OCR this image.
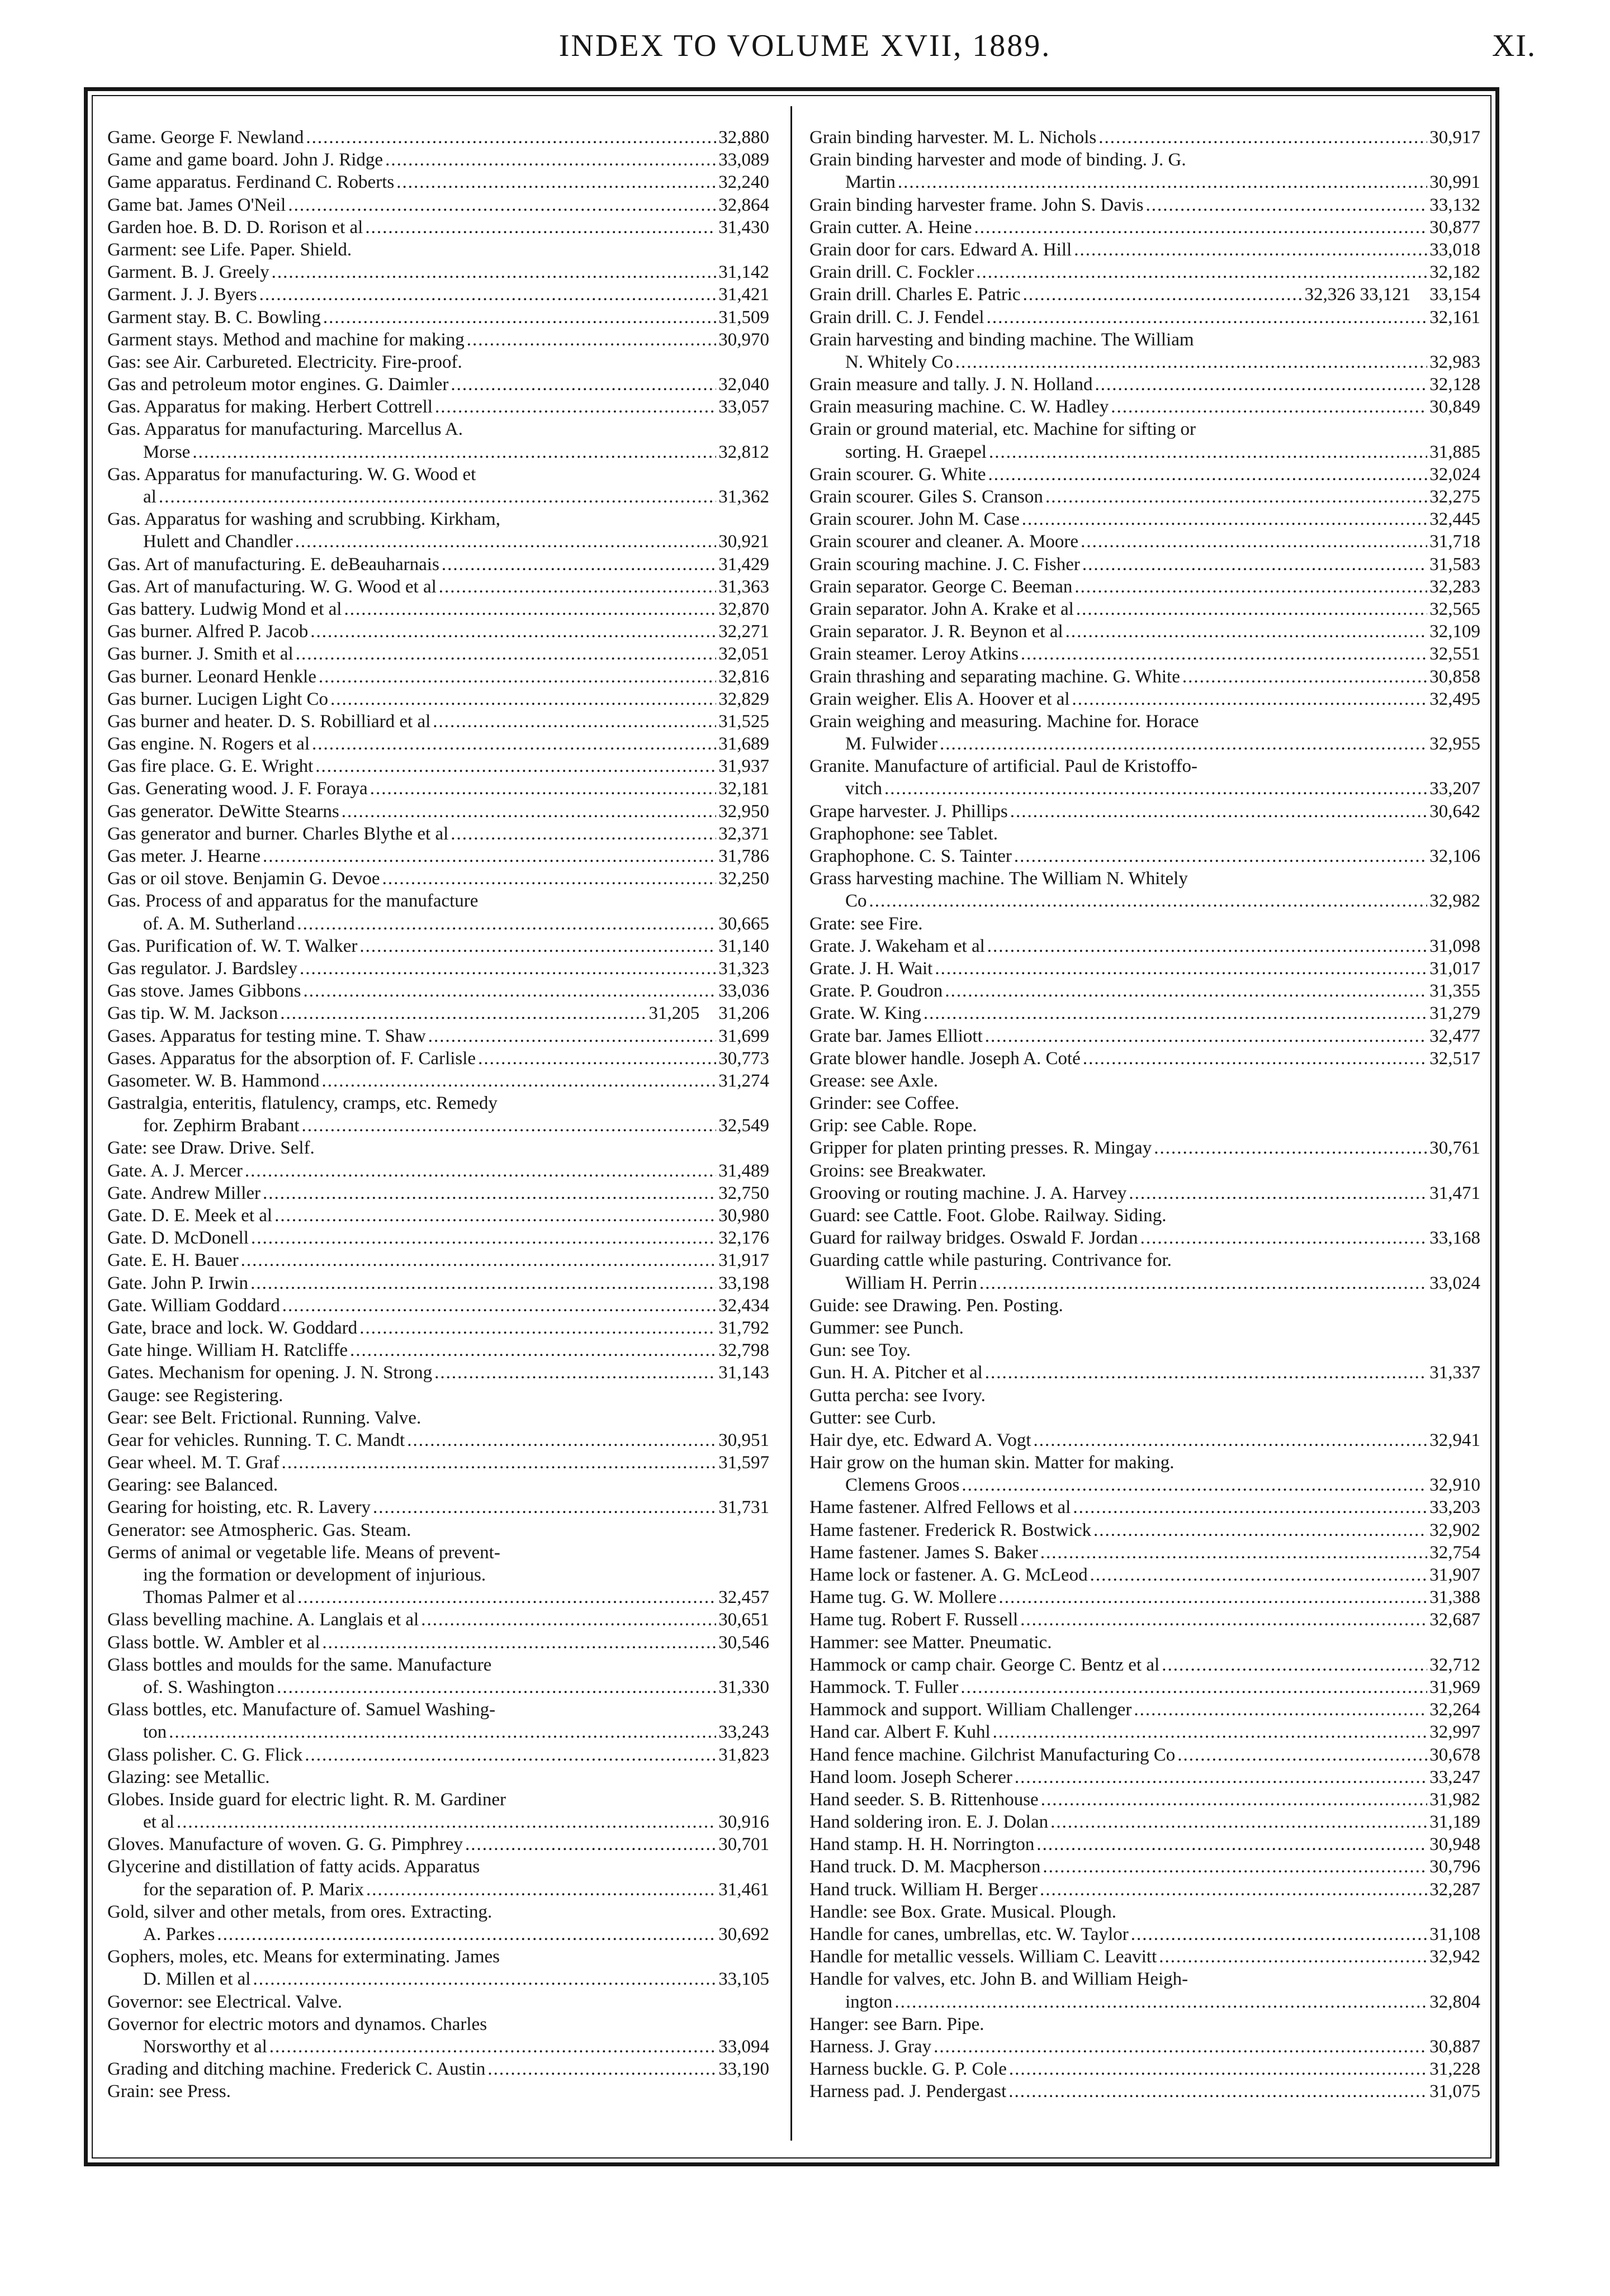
INDEX TO VOLUME XVII, 1889.	XI.
Game. George F. Newland .....	32,880
Game and game board. John J. Ridge .....	33,089
Game apparatus. Ferdinand C. Roberts .....	32,240
Game bat. James O'Neil .....	32,864
Garden hoe. B. D. D. Rorison et al .....	31,430
Garment: see Life. Paper. Shield.
Garment. B. J. Greely .....	31,142
Garment. J. J. Byers .....	31,421
Garment stay. B. C. Bowling .....	31,509
Garment stays. Method and machine for making .....	30,970
Gas: see Air. Carbureted. Electricity. Fire-proof.
Gas and petroleum motor engines. G. Daimler .....	32,040
Gas. Apparatus for making. Herbert Cottrell .....	33,057
Gas. Apparatus for manufacturing. Marcellus A.
Morse .....	32,812
Gas. Apparatus for manufacturing. W. G. Wood et
al .....	31,362
Gas. Apparatus for washing and scrubbing. Kirkham,
Hulett and Chandler .....	30,921
Gas. Art of manufacturing. E. deBeauharnais .....	31,429
Gas. Art of manufacturing. W. G. Wood et al .....	31,363
Gas battery. Ludwig Mond et al .....	32,870
Gas burner. Alfred P. Jacob .....	32,271
Gas burner. J. Smith et al .....	32,051
Gas burner. Leonard Henkle .....	32,816
Gas burner. Lucigen Light Co .....	32,829
Gas burner and heater. D. S. Robilliard et al .....	31,525
Gas engine. N. Rogers et al .....	31,689
Gas fire place. G. E. Wright .....	31,937
Gas. Generating wood. J. F. Foraya .....	32,181
Gas generator. DeWitte Stearns .....	32,950
Gas generator and burner. Charles Blythe et al .....	32,371
Gas meter. J. Hearne .....	31,786
Gas or oil stove. Benjamin G. Devoe .....	32,250
Gas. Process of and apparatus for the manufacture
of. A. M. Sutherland .....	30,665
Gas. Purification of. W. T. Walker .....	31,140
Gas regulator. J. Bardsley .....	31,323
Gas stove. James Gibbons .....	33,036
Gas tip. W. M. Jackson .....	31,205 31,206
Gases. Apparatus for testing mine. T. Shaw .....	31,699
Gases. Apparatus for the absorption of. F. Carlisle .....	30,773
Gasometer. W. B. Hammond .....	31,274
Gastralgia, enteritis, flatulency, cramps, etc. Remedy
for. Zephirm Brabant .....	32,549
Gate: see Draw. Drive. Self.
Gate. A. J. Mercer .....	31,489
Gate. Andrew Miller .....	32,750
Gate. D. E. Meek et al .....	30,980
Gate. D. McDonell .....	32,176
Gate. E. H. Bauer .....	31,917
Gate. John P. Irwin .....	33,198
Gate. William Goddard .....	32,434
Gate, brace and lock. W. Goddard .....	31,792
Gate hinge. William H. Ratcliffe .....	32,798
Gates. Mechanism for opening. J. N. Strong .....	31,143
Gauge: see Registering.
Gear: see Belt. Frictional. Running. Valve.
Gear for vehicles. Running. T. C. Mandt .....	30,951
Gear wheel. M. T. Graf .....	31,597
Gearing: see Balanced.
Gearing for hoisting, etc. R. Lavery .....	31,731
Generator: see Atmospheric. Gas. Steam.
Germs of animal or vegetable life. Means of prevent-
ing the formation or development of injurious.
Thomas Palmer et al .....	32,457
Glass bevelling machine. A. Langlais et al .....	30,651
Glass bottle. W. Ambler et al .....	30,546
Glass bottles and moulds for the same. Manufacture
of. S. Washington .....	31,330
Glass bottles, etc. Manufacture of. Samuel Washing-
ton .....	33,243
Glass polisher. C. G. Flick .....	31,823
Glazing: see Metallic.
Globes. Inside guard for electric light. R. M. Gardiner
et al .....	30,916
Gloves. Manufacture of woven. G. G. Pimphrey .....	30,701
Glycerine and distillation of fatty acids. Apparatus
for the separation of. P. Marix .....	31,461
Gold, silver and other metals, from ores. Extracting.
A. Parkes .....	30,692
Gophers, moles, etc. Means for exterminating. James
D. Millen et al .....	33,105
Governor: see Electrical. Valve.
Governor for electric motors and dynamos. Charles
Norsworthy et al .....	33,094
Grading and ditching machine. Frederick C. Austin .....	33,190
Grain: see Press.
Grain binding harvester. M. L. Nichols .....	30,917
Grain binding harvester and mode of binding. J. G.
Martin .....	30,991
Grain binding harvester frame. John S. Davis .....	33,132
Grain cutter. A. Heine .....	30,877
Grain door for cars. Edward A. Hill .....	33,018
Grain drill. C. Fockler .....	32,182
Grain drill. Charles E. Patric .....	32,326 33,121 33,154
Grain drill. C. J. Fendel .....	32,161
Grain harvesting and binding machine. The William
N. Whitely Co .....	32,983
Grain measure and tally. J. N. Holland .....	32,128
Grain measuring machine. C. W. Hadley .....	30,849
Grain or ground material, etc. Machine for sifting or
sorting. H. Graepel .....	31,885
Grain scourer. G. White .....	32,024
Grain scourer. Giles S. Cranson .....	32,275
Grain scourer. John M. Case .....	32,445
Grain scourer and cleaner. A. Moore .....	31,718
Grain scouring machine. J. C. Fisher .....	31,583
Grain separator. George C. Beeman .....	32,283
Grain separator. John A. Krake et al .....	32,565
Grain separator. J. R. Beynon et al .....	32,109
Grain steamer. Leroy Atkins .....	32,551
Grain thrashing and separating machine. G. White .....	30,858
Grain weigher. Elis A. Hoover et al .....	32,495
Grain weighing and measuring. Machine for. Horace
M. Fulwider .....	32,955
Granite. Manufacture of artificial. Paul de Kristoffo-
vitch .....	33,207
Grape harvester. J. Phillips .....	30,642
Graphophone: see Tablet.
Graphophone. C. S. Tainter .....	32,106
Grass harvesting machine. The William N. Whitely
Co .....	32,982
Grate: see Fire.
Grate. J. Wakeham et al .....	31,098
Grate. J. H. Wait .....	31,017
Grate. P. Goudron .....	31,355
Grate. W. King .....	31,279
Grate bar. James Elliott .....	32,477
Grate blower handle. Joseph A. Coté .....	32,517
Grease: see Axle.
Grinder: see Coffee.
Grip: see Cable. Rope.
Gripper for platen printing presses. R. Mingay .....	30,761
Groins: see Breakwater.
Grooving or routing machine. J. A. Harvey .....	31,471
Guard: see Cattle. Foot. Globe. Railway. Siding.
Guard for railway bridges. Oswald F. Jordan .....	33,168
Guarding cattle while pasturing. Contrivance for.
William H. Perrin .....	33,024
Guide: see Drawing. Pen. Posting.
Gummer: see Punch.
Gun: see Toy.
Gun. H. A. Pitcher et al .....	31,337
Gutta percha: see Ivory.
Gutter: see Curb.
Hair dye, etc. Edward A. Vogt .....	32,941
Hair grow on the human skin. Matter for making.
Clemens Groos .....	32,910
Hame fastener. Alfred Fellows et al .....	33,203
Hame fastener. Frederick R. Bostwick .....	32,902
Hame fastener. James S. Baker .....	32,754
Hame lock or fastener. A. G. McLeod .....	31,907
Hame tug. G. W. Mollere .....	31,388
Hame tug. Robert F. Russell .....	32,687
Hammer: see Matter. Pneumatic.
Hammock or camp chair. George C. Bentz et al .....	32,712
Hammock. T. Fuller .....	31,969
Hammock and support. William Challenger .....	32,264
Hand car. Albert F. Kuhl .....	32,997
Hand fence machine. Gilchrist Manufacturing Co .....	30,678
Hand loom. Joseph Scherer .....	33,247
Hand seeder. S. B. Rittenhouse .....	31,982
Hand soldering iron. E. J. Dolan .....	31,189
Hand stamp. H. H. Norrington .....	30,948
Hand truck. D. M. Macpherson .....	30,796
Hand truck. William H. Berger .....	32,287
Handle: see Box. Grate. Musical. Plough.
Handle for canes, umbrellas, etc. W. Taylor .....	31,108
Handle for metallic vessels. William C. Leavitt .....	32,942
Handle for valves, etc. John B. and William Heigh-
ington .....	32,804
Hanger: see Barn. Pipe.
Harness. J. Gray .....	30,887
Harness buckle. G. P. Cole .....	31,228
Harness pad. J. Pendergast .....	31,075
